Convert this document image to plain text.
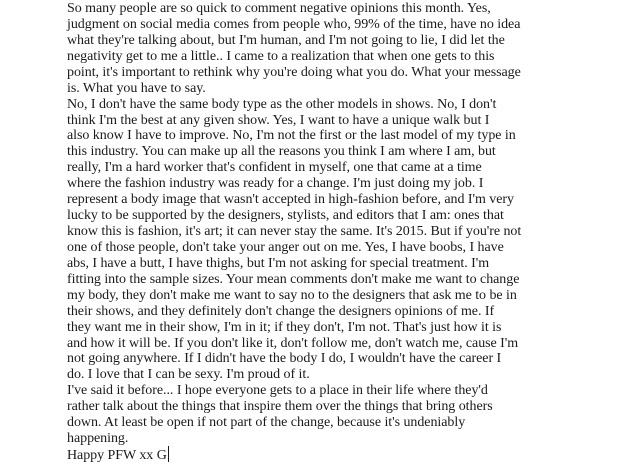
So many people are so quick to comment negative opinions this month. Yes,
judgment on social media comes from people who, 99% of the time, have no idea
what they're talking about, but I'm human, and I'm not going to lie, I did let the
negativity get to me a little.. I came to a realization that when one gets to this
point, it's important to rethink why you're doing what you do. What your message
is. What you have to say.
No, I don't have the same body type as the other models in shows. No, I don't
think I'm the best at any given show. Yes, I want to have a unique walk but I
also know I have to improve. No, I'm not the first or the last model of my type in
this industry. You can make up all the reasons you think I am where I am, but
really, I'm a hard worker that's confident in myself, one that came at a time
where the fashion industry was ready for a change. I'm just doing my job. I
represent a body image that wasn't accepted in high-fashion before, and I'm very
lucky to be supported by the designers, stylists, and editors that I am: ones that
know this is fashion, it's art; it can never stay the same. It's 2015. But if you're not
one of those people, don't take your anger out on me. Yes, I have boobs, I have
abs, I have a butt, I have thighs, but I'm not asking for special treatment. I'm
fitting into the sample sizes. Your mean comments don't make me want to change
my body, they don't make me want to say no to the designers that ask me to be in
their shows, and they definitely don't change the designers opinions of me. If
they want me in their show, I'm in it; if they don't, I'm not. That's just how it is
and how it will be. If you don't like it, don't follow me, don't watch me, cause I'm
not going anywhere. If I didn't have the body I do, I wouldn't have the career I
do. I love that I can be sexy. I'm proud of it.
I've said it before... I hope everyone gets to a place in their life where they'd
rather talk about the things that inspire them over the things that bring others
down. At least be open if not part of the change, because it's undeniably
happening.
Happy PFW xx G
